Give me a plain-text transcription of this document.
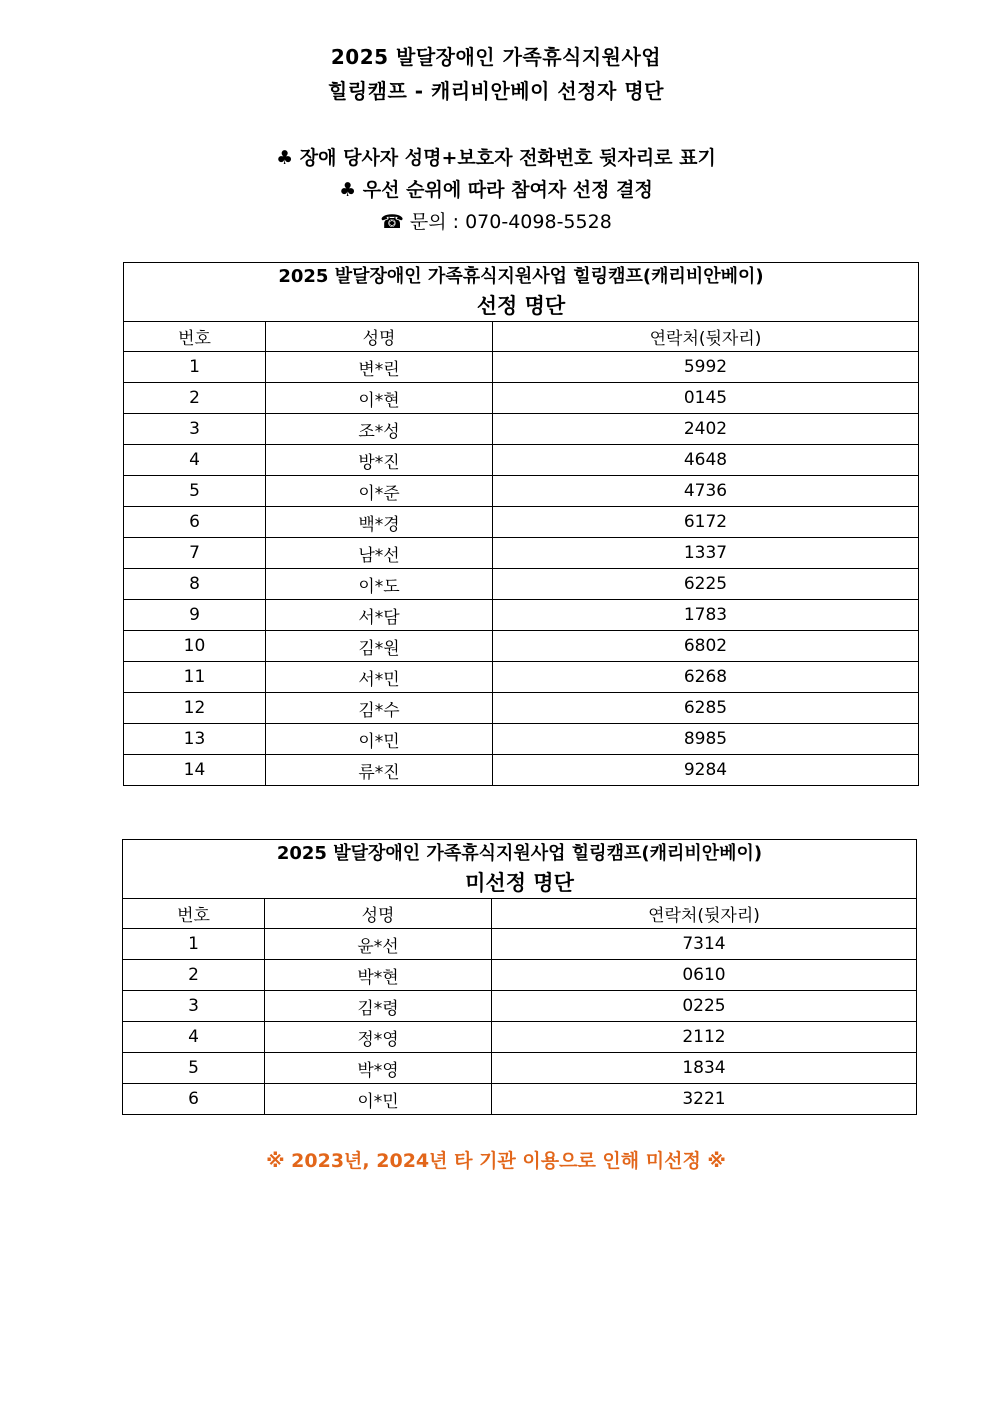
2025 발달장애인 가족휴식지원사업
힐링캠프 - 캐리비안베이 선정자 명단
♣ 장애 당사자 성명+보호자 전화번호 뒷자리로 표기
♣ 우선 순위에 따라 참여자 선정 결정
☎ 문의 : 070-4098-5528
2025 발달장애인 가족휴식지원사업 힐링캠프(캐리비안베이)
선정 명단		

번호	성명	연락처(뒷자리)
1	변*린	5992
2	이*현	0145
3	조*성	2402
4	방*진	4648
5	이*준	4736
6	백*경	6172
7	남*선	1337
8	이*도	6225
9	서*담	1783
10	김*원	6802
11	서*민	6268
12	김*수	6285
13	이*민	8985
14	류*진	9284
2025 발달장애인 가족휴식지원사업 힐링캠프(캐리비안베이)
미선정 명단		

번호	성명	연락처(뒷자리)
1	윤*선	7314
2	박*현	0610
3	김*령	0225
4	정*영	2112
5	박*영	1834
6	이*민	3221
※ 2023년, 2024년 타 기관 이용으로 인해 미선정 ※
